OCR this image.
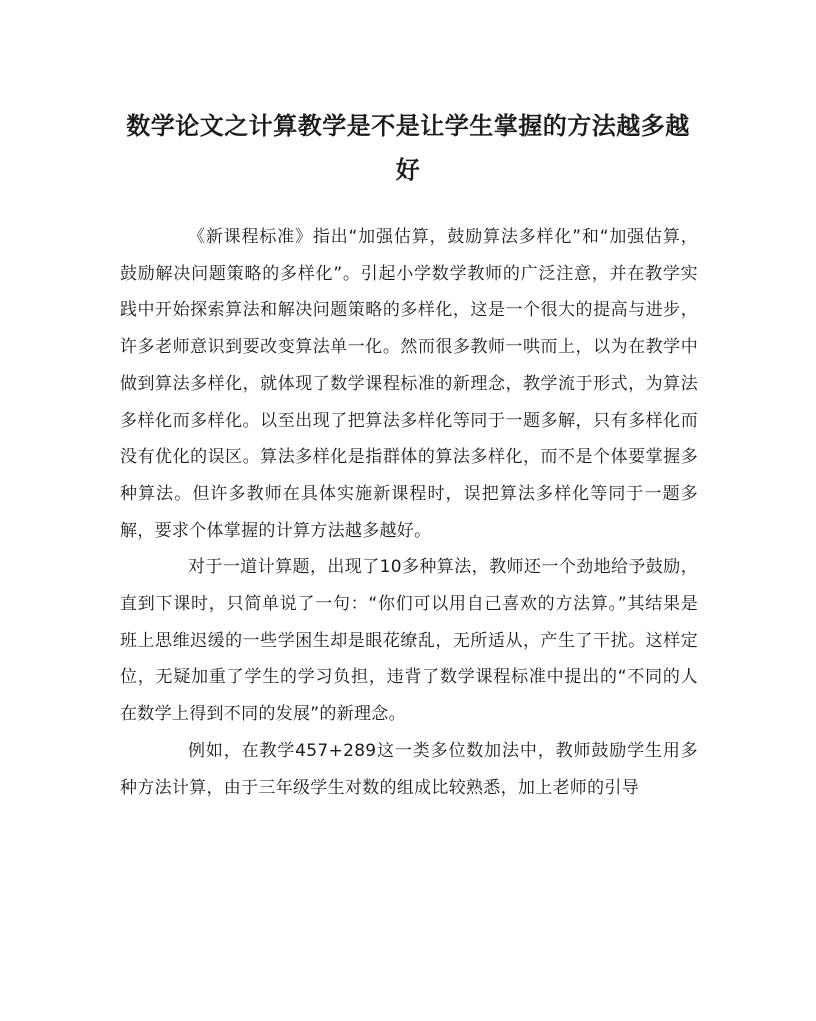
数学论文之计算教学是不是让学生掌握的方法越多越好

《新课程标准》指出“加强估算，鼓励算法多样化”和“加强估算，鼓励解决问题策略的多样化”。引起小学数学教师的广泛注意，并在教学实践中开始探索算法和解决问题策略的多样化，这是一个很大的提高与进步，许多老师意识到要改变算法单一化。然而很多教师一哄而上，以为在教学中做到算法多样化，就体现了数学课程标准的新理念，教学流于形式，为算法多样化而多样化。以至出现了把算法多样化等同于一题多解，只有多样化而没有优化的误区。算法多样化是指群体的算法多样化，而不是个体要掌握多种算法。但许多教师在具体实施新课程时，误把算法多样化等同于一题多解，要求个体掌握的计算方法越多越好。

对于一道计算题，出现了10多种算法，教师还一个劲地给予鼓励，直到下课时，只简单说了一句：“你们可以用自己喜欢的方法算。”其结果是班上思维迟缓的一些学困生却是眼花缭乱，无所适从，产生了干扰。这样定位，无疑加重了学生的学习负担，违背了数学课程标准中提出的“不同的人在数学上得到不同的发展”的新理念。

例如，在教学457+289这一类多位数加法中，教师鼓励学生用多种方法计算，由于三年级学生对数的组成比较熟悉，加上老师的引导
